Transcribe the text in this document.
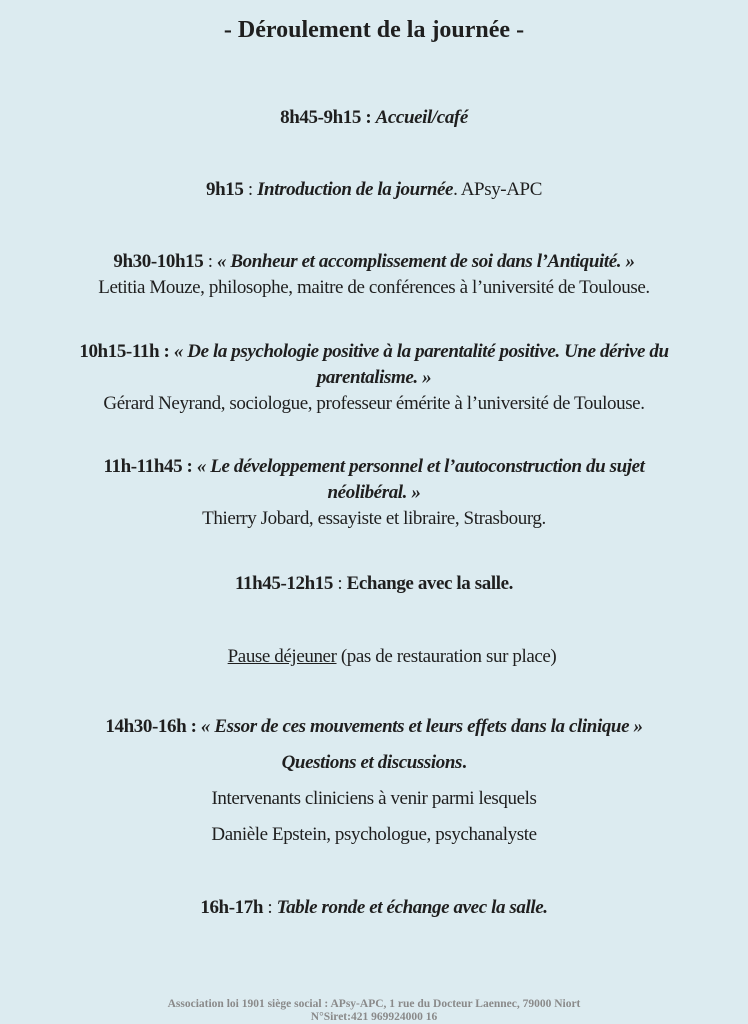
- Déroulement de la journée -
8h45-9h15 : Accueil/café
9h15 : Introduction de la journée. APsy-APC
9h30-10h15 : « Bonheur et accomplissement de soi dans l’Antiquité. »
Letitia Mouze, philosophe, maitre de conférences à l’université de Toulouse.
10h15-11h : « De la psychologie positive à la parentalité positive. Une dérive du
parentalisme. »
Gérard Neyrand, sociologue, professeur émérite à l’université de Toulouse.
11h-11h45 : « Le développement personnel et l’autoconstruction du sujet
néolibéral. »
Thierry Jobard, essayiste et libraire, Strasbourg.
11h45-12h15 : Echange avec la salle.
Pause déjeuner (pas de restauration sur place)
14h30-16h : « Essor de ces mouvements et leurs effets dans la clinique »
Questions et discussions.
Intervenants cliniciens à venir parmi lesquels
Danièle Epstein, psychologue, psychanalyste
16h-17h : Table ronde et échange avec la salle.
Association loi 1901 siège social : APsy-APC, 1 rue du Docteur Laennec, 79000 Niort
N°Siret:421 969924000 16
